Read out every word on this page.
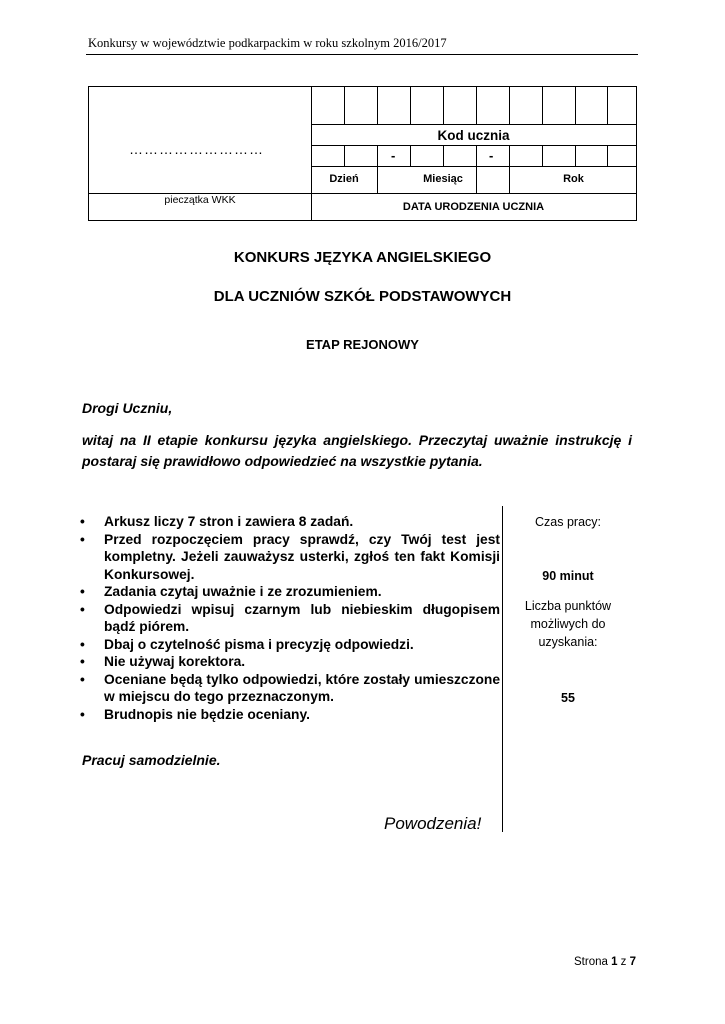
Konkursy w województwie podkarpackim w roku szkolnym 2016/2017
………………………
pieczątka WKK
Kod ucznia
-	-
Dzień	Miesiąc	Rok
DATA URODZENIA UCZNIA
KONKURS JĘZYKA ANGIELSKIEGO
DLA UCZNIÓW SZKÓŁ PODSTAWOWYCH
ETAP REJONOWY
Drogi Uczniu,
witaj na II etapie konkursu języka angielskiego. Przeczytaj uważnie instrukcję i postaraj się prawidłowo odpowiedzieć na wszystkie pytania.
• Arkusz liczy 7 stron i zawiera 8 zadań.
• Przed rozpoczęciem pracy sprawdź, czy Twój test jest kompletny. Jeżeli zauważysz usterki, zgłoś ten fakt Komisji Konkursowej.
• Zadania czytaj uważnie i ze zrozumieniem.
• Odpowiedzi wpisuj czarnym lub niebieskim długopisem bądź piórem.
• Dbaj o czytelność pisma i precyzję odpowiedzi.
• Nie używaj korektora.
• Oceniane będą tylko odpowiedzi, które zostały umieszczone w miejscu do tego przeznaczonym.
• Brudnopis nie będzie oceniany.
Czas pracy:
90 minut
Liczba punktów możliwych do uzyskania:
55
Pracuj samodzielnie.
Powodzenia!
Strona 1 z 7
